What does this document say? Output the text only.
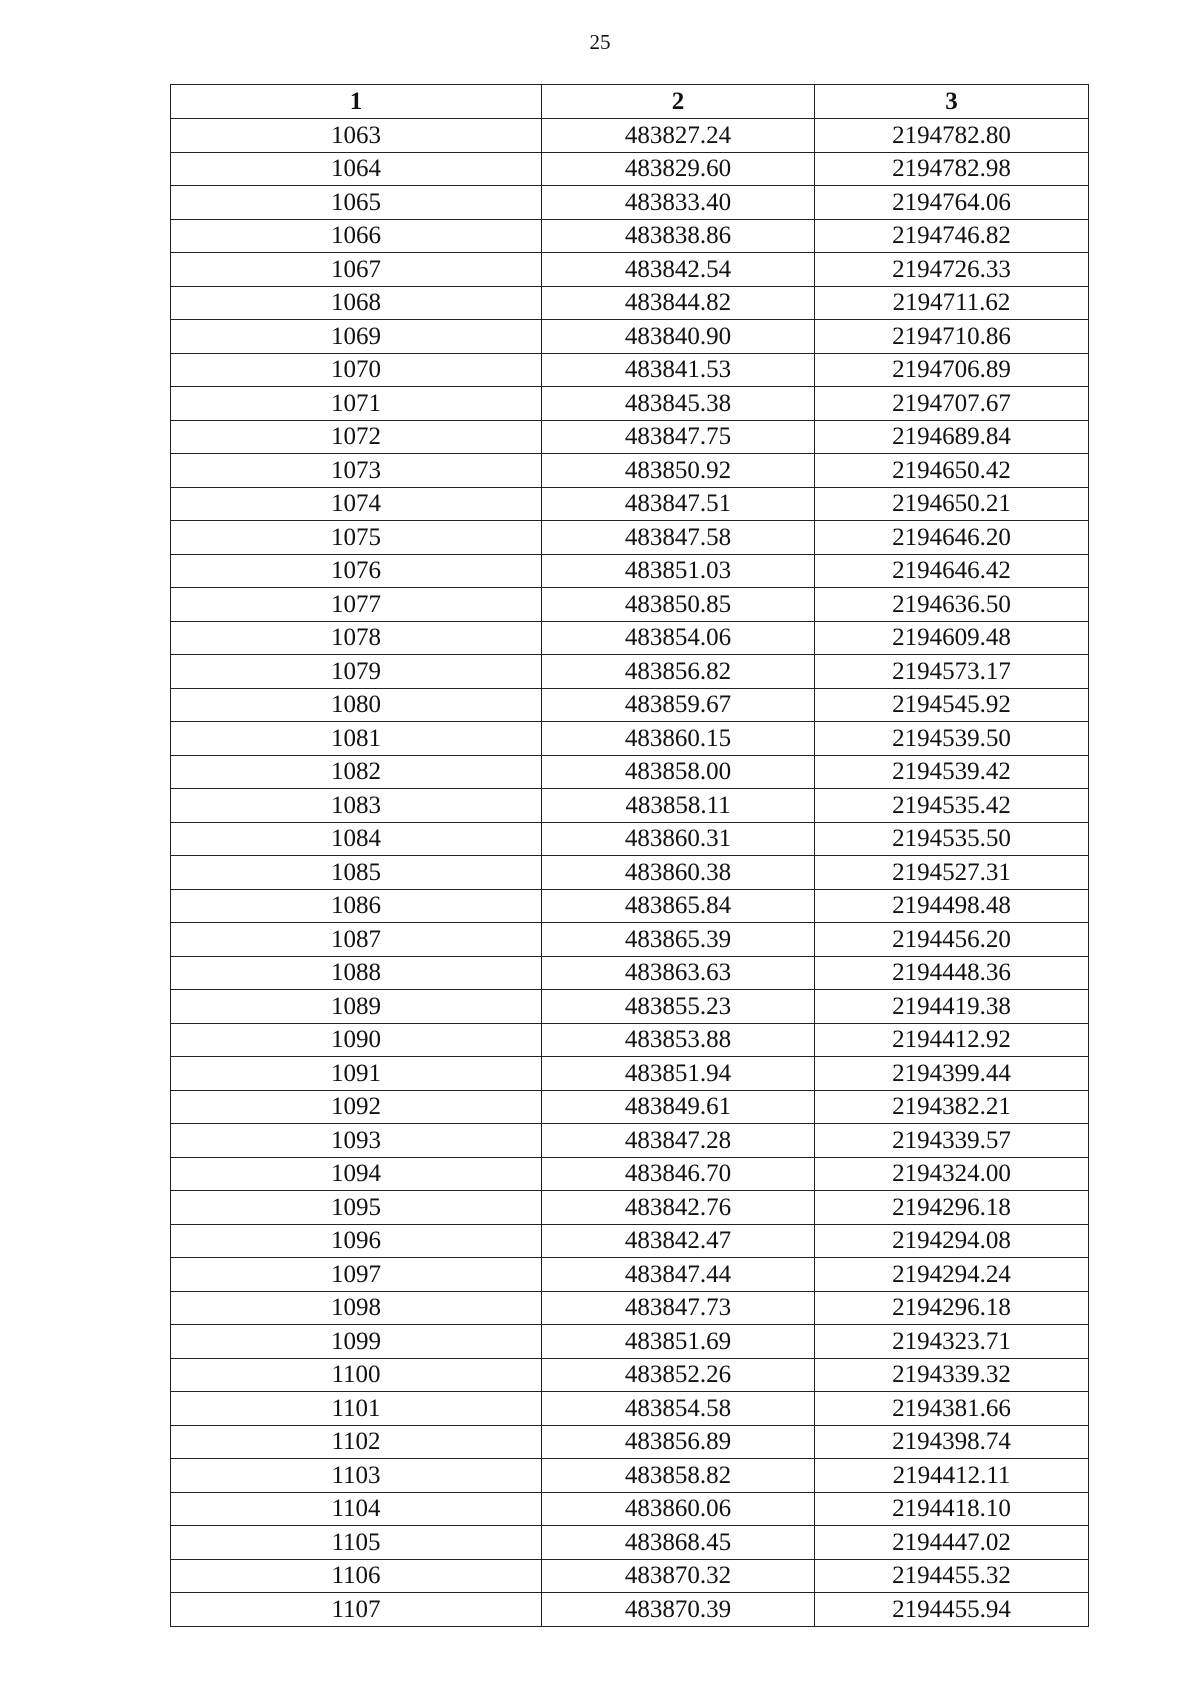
25
1	2	3
1063	483827.24	2194782.80
1064	483829.60	2194782.98
1065	483833.40	2194764.06
1066	483838.86	2194746.82
1067	483842.54	2194726.33
1068	483844.82	2194711.62
1069	483840.90	2194710.86
1070	483841.53	2194706.89
1071	483845.38	2194707.67
1072	483847.75	2194689.84
1073	483850.92	2194650.42
1074	483847.51	2194650.21
1075	483847.58	2194646.20
1076	483851.03	2194646.42
1077	483850.85	2194636.50
1078	483854.06	2194609.48
1079	483856.82	2194573.17
1080	483859.67	2194545.92
1081	483860.15	2194539.50
1082	483858.00	2194539.42
1083	483858.11	2194535.42
1084	483860.31	2194535.50
1085	483860.38	2194527.31
1086	483865.84	2194498.48
1087	483865.39	2194456.20
1088	483863.63	2194448.36
1089	483855.23	2194419.38
1090	483853.88	2194412.92
1091	483851.94	2194399.44
1092	483849.61	2194382.21
1093	483847.28	2194339.57
1094	483846.70	2194324.00
1095	483842.76	2194296.18
1096	483842.47	2194294.08
1097	483847.44	2194294.24
1098	483847.73	2194296.18
1099	483851.69	2194323.71
1100	483852.26	2194339.32
1101	483854.58	2194381.66
1102	483856.89	2194398.74
1103	483858.82	2194412.11
1104	483860.06	2194418.10
1105	483868.45	2194447.02
1106	483870.32	2194455.32
1107	483870.39	2194455.94
